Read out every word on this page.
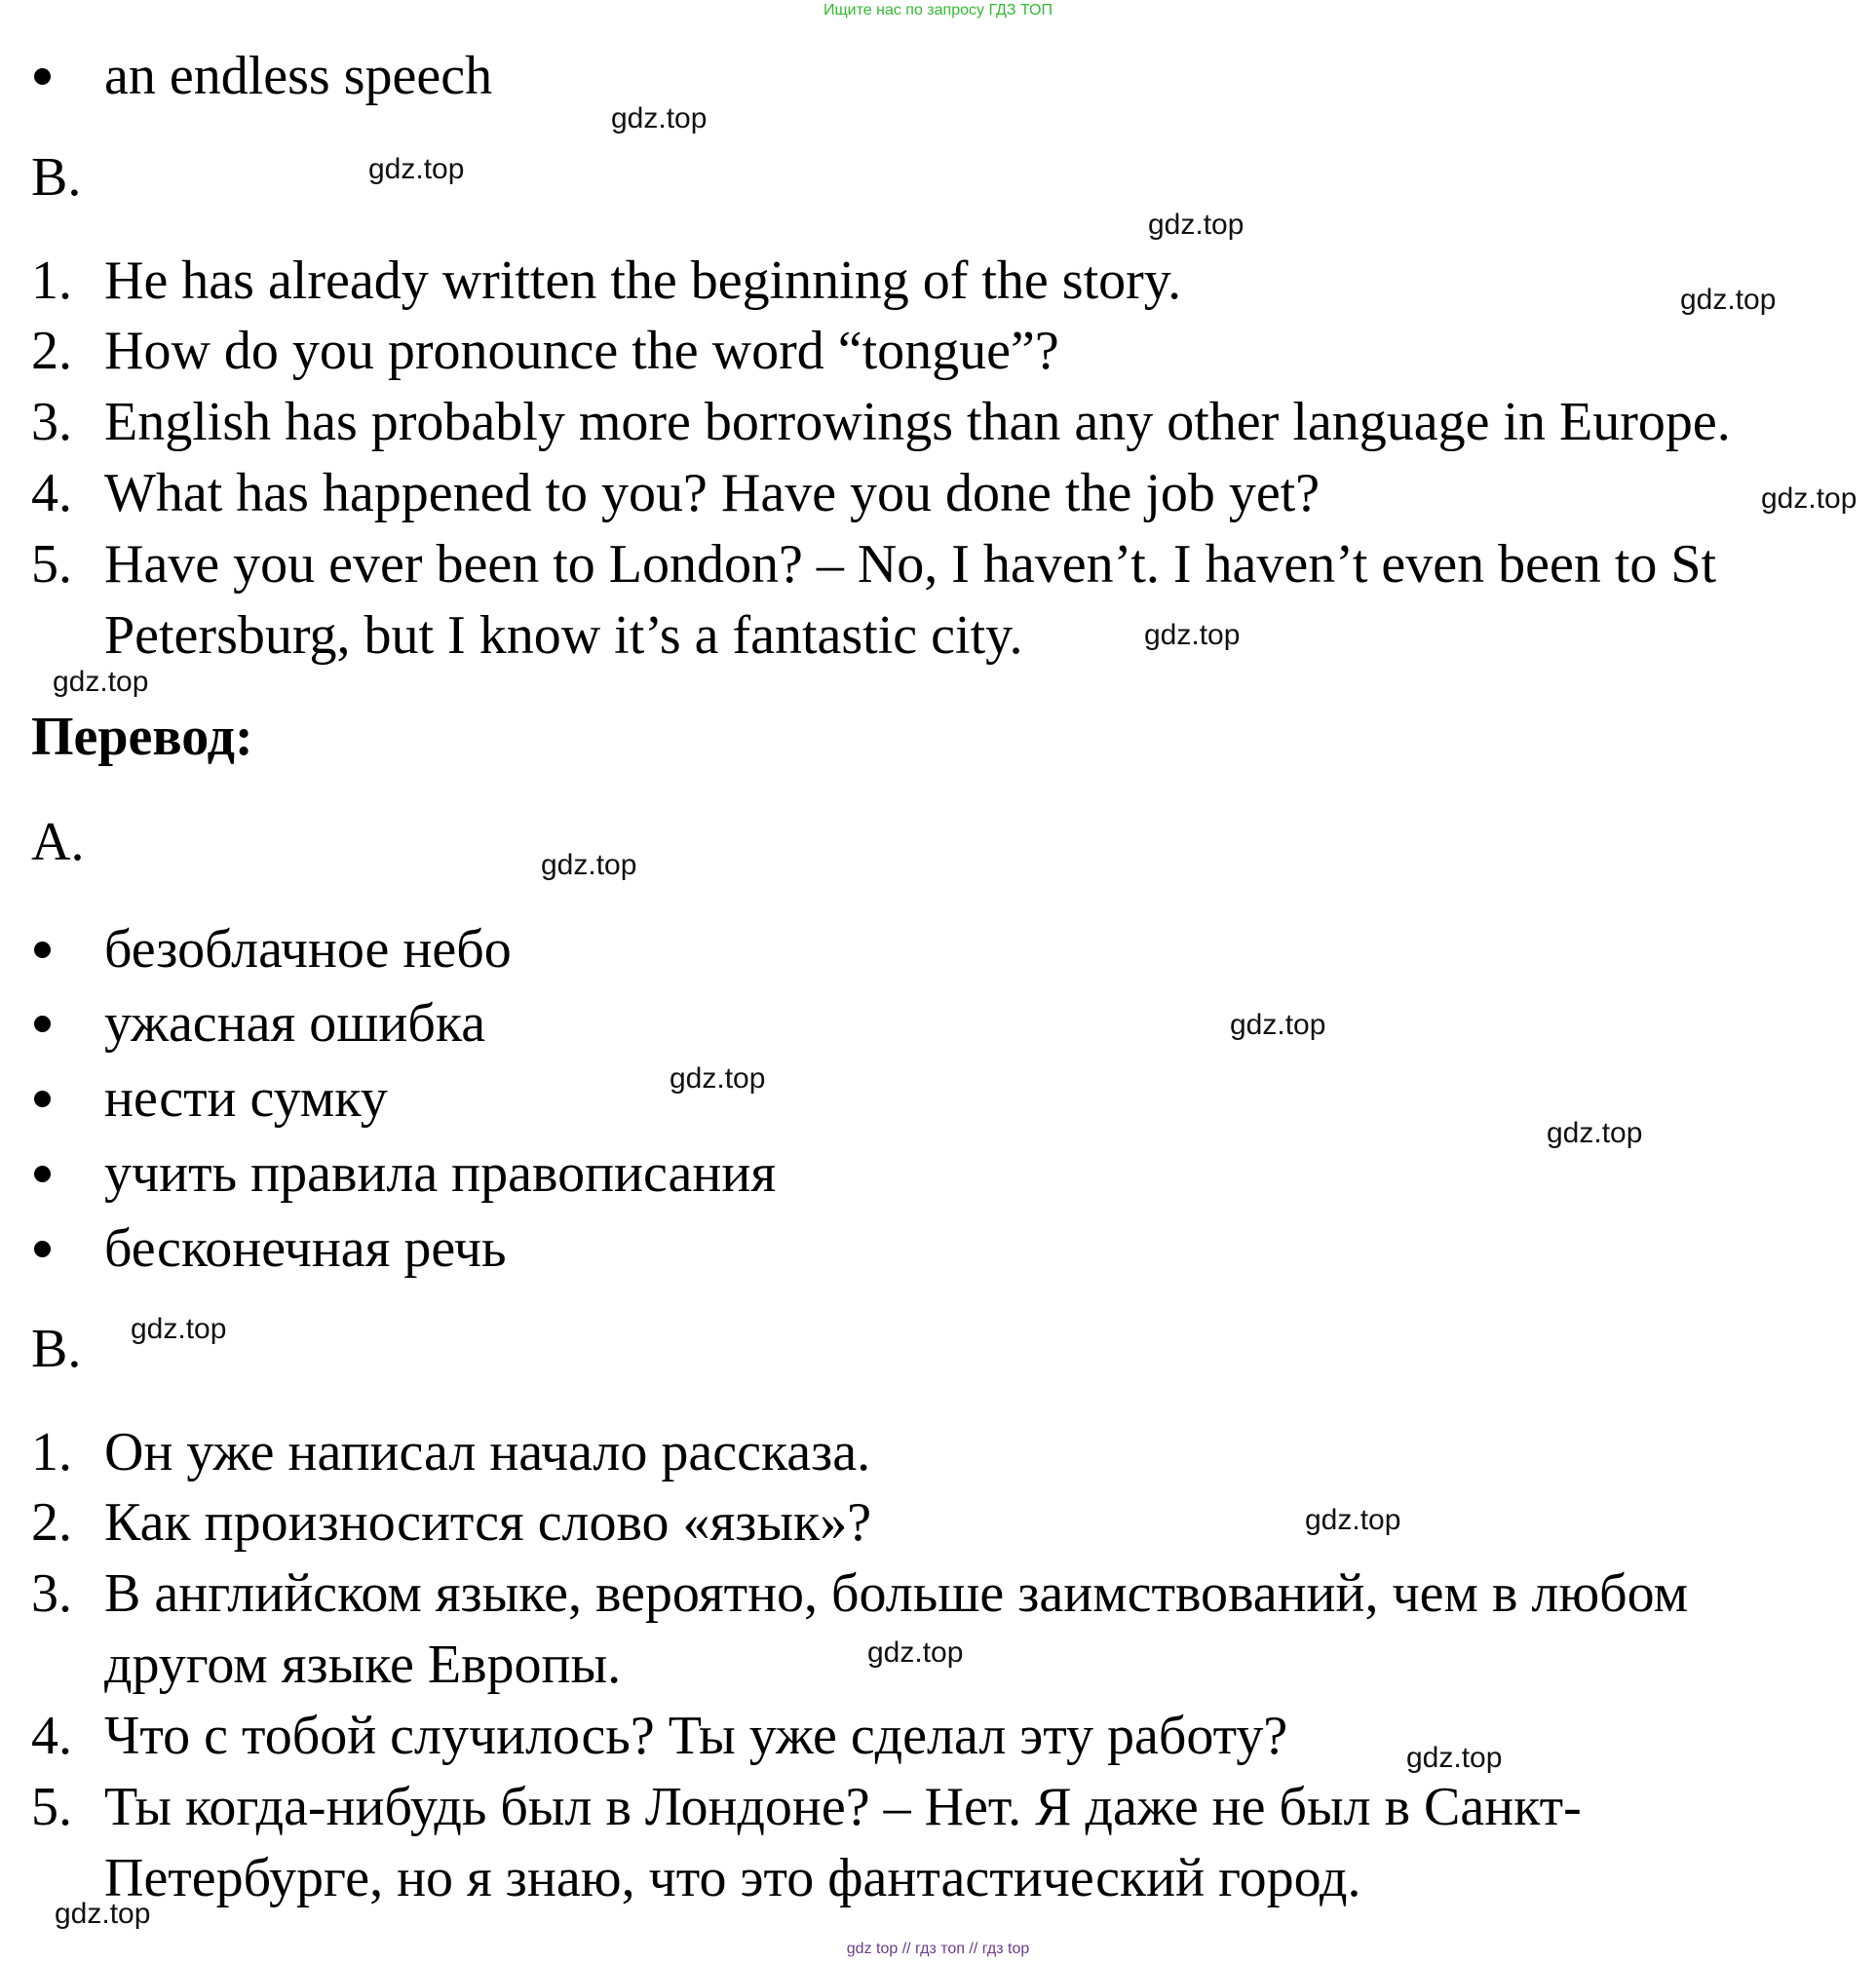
Ищите нас по запросу ГДЗ ТОП
an endless speech
B.
1. He has already written the beginning of the story.
2. How do you pronounce the word “tongue”?
3. English has probably more borrowings than any other language in Europe.
4. What has happened to you? Have you done the job yet?
5. Have you ever been to London? – No, I haven’t. I haven’t even been to St
Petersburg, but I know it’s a fantastic city.
Перевод:
A.
безоблачное небо
ужасная ошибка
нести сумку
учить правила правописания
бесконечная речь
B.
1. Он уже написал начало рассказа.
2. Как произносится слово «язык»?
3. В английском языке, вероятно, больше заимствований, чем в любом
другом языке Европы.
4. Что с тобой случилось? Ты уже сделал эту работу?
5. Ты когда-нибудь был в Лондоне? – Нет. Я даже не был в Санкт-
Петербурге, но я знаю, что это фантастический город.
gdz.top
gdz.top
gdz.top
gdz.top
gdz.top
gdz.top
gdz.top
gdz.top
gdz.top
gdz.top
gdz.top
gdz.top
gdz.top
gdz.top
gdz.top
gdz.top
gdz top // гдз топ // гдз top
